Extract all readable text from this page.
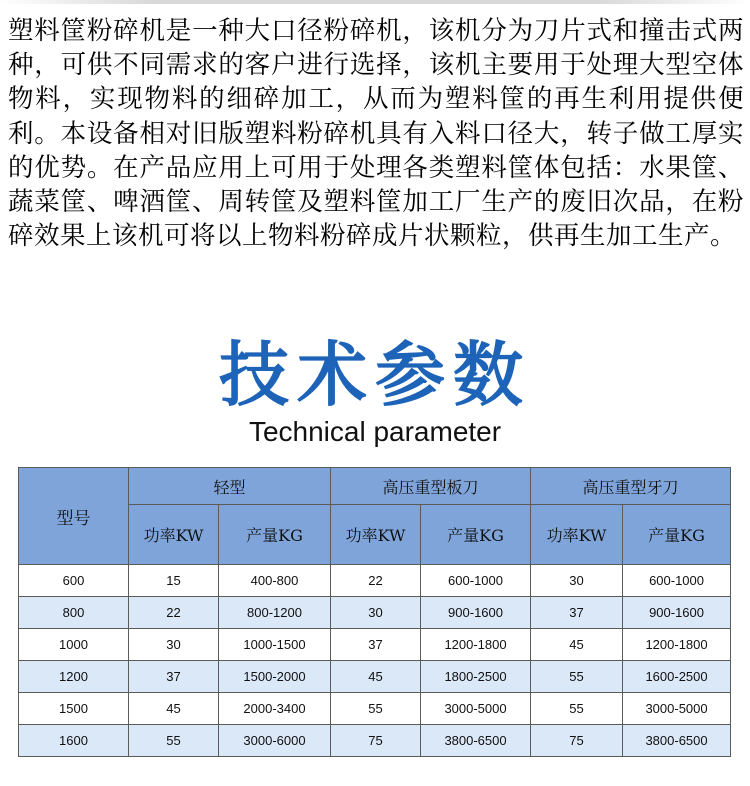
塑料筐粉碎机是一种大口径粉碎机，该机分为刀片式和撞击式两种，可供不同需求的客户进行选择，该机主要用于处理大型空体物料，实现物料的细碎加工，从而为塑料筐的再生利用提供便利。本设备相对旧版塑料粉碎机具有入料口径大，转子做工厚实的优势。在产品应用上可用于处理各类塑料筐体包括：水果筐、蔬菜筐、啤酒筐、周转筐及塑料筐加工厂生产的废旧次品，在粉碎效果上该机可将以上物料粉碎成片状颗粒，供再生加工生产。

技术参数
Technical parameter
型号	轻型		高压重型板刀		高压重型牙刀	
	功率KW	产量KG	功率KW	产量KG	功率KW	产量KG
600	15	400-800	22	600-1000	30	600-1000
800	22	800-1200	30	900-1600	37	900-1600
1000	30	1000-1500	37	1200-1800	45	1200-1800
1200	37	1500-2000	45	1800-2500	55	1600-2500
1500	45	2000-3400	55	3000-5000	55	3000-5000
1600	55	3000-6000	75	3800-6500	75	3800-6500
